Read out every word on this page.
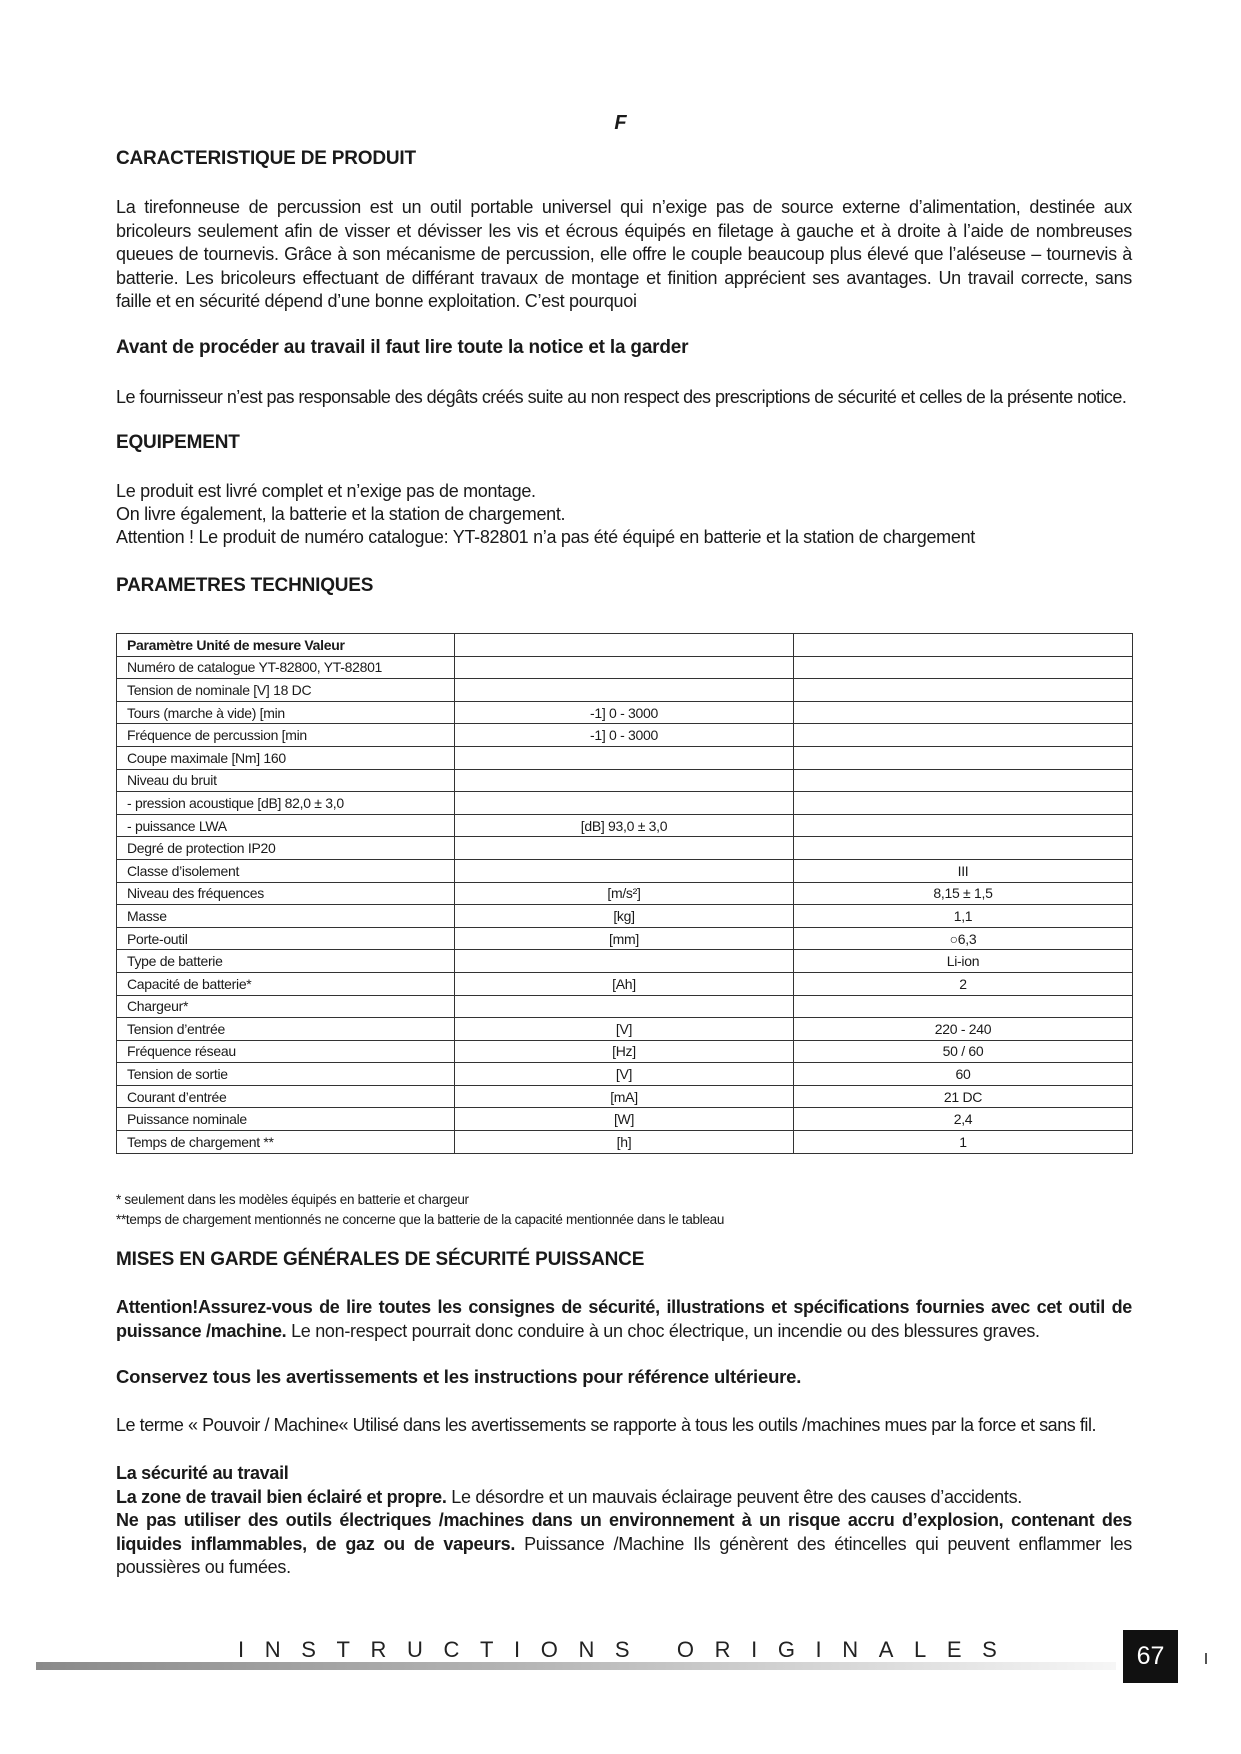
F
CARACTERISTIQUE DE PRODUIT

La tirefonneuse de percussion est un outil portable universel qui n’exige pas de source externe d’alimentation, destinée aux bricoleurs seulement afin de visser et dévisser les vis et écrous équipés en filetage à gauche et à droite à l’aide de nombreuses queues de tournevis. Grâce à son mécanisme de percussion, elle offre le couple beaucoup plus élevé que l’aléseuse – tournevis à batterie. Les bricoleurs effectuant de différant travaux de montage et finition apprécient ses avantages. Un travail correcte, sans faille et en sécurité dépend d’une bonne exploitation. C’est pourquoi

Avant de procéder au travail il faut lire toute la notice et la garder
Le fournisseur n’est pas responsable des dégâts créés suite au non respect des prescriptions de sécurité et celles de la présente notice.
EQUIPEMENT
Le produit est livré complet et n’exige pas de montage.
On livre également, la batterie et la station de chargement.
Attention ! Le produit de numéro catalogue: YT-82801 n’a pas été équipé en batterie et la station de chargement
PARAMETRES TECHNIQUES
Paramètre Unité de mesure Valeur		
Numéro de catalogue YT-82800, YT-82801		
Tension de nominale [V] 18 DC		
Tours (marche à vide) [min	-1] 0 - 3000	
Fréquence de percussion [min	-1] 0 - 3000	
Coupe maximale [Nm] 160		
Niveau du bruit		
- pression acoustique [dB] 82,0 ± 3,0		
- puissance LWA	[dB] 93,0 ± 3,0	
Degré de protection IP20		
Classe d’isolement		III
Niveau des fréquences	[m/s²]	8,15 ± 1,5
Masse	[kg]	1,1
Porte-outil	[mm]	○6,3
Type de batterie		Li-ion
Capacité de batterie*	[Ah]	2
Chargeur*		
Tension d’entrée	[V]	220 - 240
Fréquence réseau	[Hz]	50 / 60
Tension de sortie	[V]	60
Courant d’entrée	[mA]	21 DC
Puissance nominale	[W]	2,4
Temps de chargement **	[h]	1
* seulement dans les modèles équipés en batterie et chargeur
**temps de chargement mentionnés ne concerne que la batterie de la capacité mentionnée dans le tableau
MISES EN GARDE GÉNÉRALES DE SÉCURITÉ PUISSANCE

Attention!Assurez-vous de lire toutes les consignes de sécurité, illustrations et spécifications fournies avec cet outil de puissance /machine. Le non-respect pourrait donc conduire à un choc électrique, un incendie ou des blessures graves.

Conservez tous les avertissements et les instructions pour référence ultérieure.
Le terme « Pouvoir / Machine« Utilisé dans les avertissements se rapporte à tous les outils /machines mues par la force et sans fil.

La sécurité au travail

La zone de travail bien éclairé et propre. Le désordre et un mauvais éclairage peuvent être des causes d’accidents.

Ne pas utiliser des outils électriques /machines dans un environnement à un risque accru d’explosion, contenant des liquides inflammables, de gaz ou de vapeurs. Puissance /Machine Ils génèrent des étincelles qui peuvent enflammer les poussières ou fumées.

INSTRUCTIONS ORIGINALES	67
